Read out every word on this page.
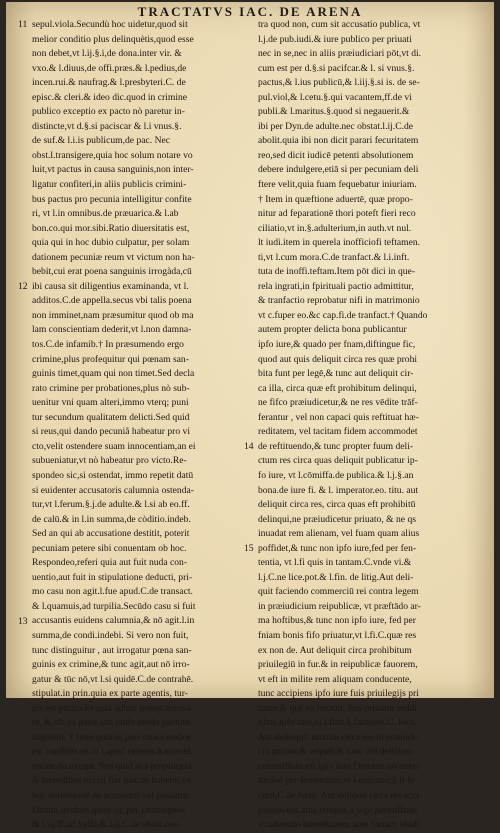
TRACTATVS IAC. DE ARENA
sepul.viola.Secundù hoc uidetur,quod sit
melior conditio plus delinquètis,quod esse
non debet,vt l.ij.§.i,de dona.inter vir. &
vxo.& l.diuus,de offi.præs.& l.pedius,de
incen.rui.& naufrag.& l.presbyteri.C. de
episc.& cleri.& ideo dic.quod in crimine
publico exceptio ex pacto nò paretur in-
distincte,vt d.§.si pacìscar & l.i vnus.§.
de suf.& l.i.is publicum,de pac. Nec
obst.l.transigere,quia hoc solum notare vo
luit,vt pactus in causa sanguinis,non inter-
ligatur confiteri,in aliis publicis crimini-
bus pactus pro pecunia intelligitur confite
ri, vt l.in omnibus.de præuarica.& l.ab
bon.co.qui mor.sibi.Ratio diuersitatis est,
quia qui in hoc dubio culpatur, per solam
dationem pecuniæ reum vt victum non ha-
bebit,cui erat poena sanguinis irrogàda,cū
ibi causa sit diligentius examinanda, vt l.
additos.C.de appella.secus vbi talis poena
non imminet,nam præsumitur quod ob ma
lam conscientiam dederit,vt l.non damna-
tos.C.de infamib.† In præsumendo ergo
crimine,plus profequitur qui pœnam san-
guinis timet,quam qui non timet.Sed decla
rato crimine per probationes,plus nò sub-
uenitur vni quam alteri,immo vterq; puni
tur secundum qualitatem delicti.Sed quid
si reus,qui dando pecuniã habeatur pro vi
cto,velit ostendere suam innocentiam,an ei
subueniatur,vt nò habeatur pro victo.Re-
spondeo sic,si ostendat, immo repetit datū
si euidenter accusatoris calumnia ostenda-
tur,vt l.ferum.§.j.de adulte.& l.si ab eo.ff.
de calū.& in l.in summa,de còditio.indeb.
Sed an qui ab accusatione destitit, poterit
pecuniam petere sibi conuentam ob hoc.
Respondeo,referi quia aut fuit nuda con-
uentio,aut fuit in stipulatione deducti, pri-
mo casu non agit.l.fue apud.C.de transact.
& l.quamuis,ad turpilia.Secūdo casu si fuit
accusantis euidens calumnia,& nō agit.l.in
summa,de condi.indebi. Si vero non fuit,
tunc distinguitur , aut irrogatur pœna san-
guinis ex crimine,& tunc agit,aut nō irro-
gatur & tūc nō,vt l.si quidē.C.de contrahē.
stipulat.in prin.quia ex parte agentis, tur-
pis est pactio.Et quia adhuc potest accusa-
re, & sic ex parte sua nullo modo pactum
impleuit, † Item quia in pari causa melior
est conditio rei,vt l.apud celsum.§.marcel.
tos.de do.except. Sed quid si a propinquis
& hæredibus occisi fiat pax,an habebit ex
hoc defensionē ne accusetur vel puniatur.
Dicunt quidam quod sic,per l.transigere,
& l.iij.ff.ad Sylla.& l.ij.C.de aboli.con-
11
12
13
tra quod non, cum sit accusatio publica, vt
l.j.de pub.iudi.& iure publico per priuati
nec in se,nec in aliis præiudiciari pōt,vt di.
cum est per d.§.si pacifcar.& l. si vnus.§.
pactus,& l.ius publicū,& l.iij.§.si is. de se-
pul.viol,& l.cetu.§.qui vacantem,ff.de vi
publi.& l.maritus.§.quod si negauerit.&
ibi per Dyn.de adulte.nec obstat.l.ij.C.de
abolit.quia ibi non dicit parari fecuritatem
reo,sed dicit iudicē petenti absolutionem
debere indulgere,etiā si per pecuniam deli
ftere velit,quia fuam fequebatur iniuriam.
† Item in quæftione aduertē, quæ propo-
nitur ad feparationē thori poteft fieri reco
ciliatio,vt in.§.adulterium,in auth.vt nul.
lt iudi.item in querela inofficiofi teftamen.
ti,vt l.cum mora.C.de tranfact.& l.i.inft.
tuta de inoffi.teftam.Item pōt dici in que-
rela ingrati,in fpirituali pactio admittitur,
& tranfactio reprobatur nifi in matrimonio
vt c.fuper eo.&c cap.fi.de tranfact.† Quando
autem propter delicta bona publicantur
ipfo iure,& quado per fnam,diftingue fic,
quod aut quis deliquit circa res quæ prohi
bita funt per legē,& tunc aut deliquit cir-
ca illa, circa quæ eft prohibitum delinqui,
ne fifco præiudicetur,& ne res vēdite trāf-
ferantur , vel non capaci quis reftituat hæ-
reditatem, vel tacitam fidem accommodet
de reftituendo,& tunc propter fuum deli-
ctum res circa quas deliquit publicatur ip-
fo iure, vt l.cōmiffa.de publica.& l.j.§.an
bona.de iure fi. & l. imperator.eo. titu. aut
deliquit circa res, circa quas eft prohibitū
delinqui,ne præiudicetur priuato, & ne qs
inuadat rem alienam, vel fuam quam alius
poffidet,& tunc non ipfo iure,fed per fen-
tentia, vt l.fi quis in tantam.C.vnde vi.&
l.j.C.ne lice.pot.& l.fin. de litig.Aut deli-
quit faciendo commerciū rei contra legem
in præiudicium reipublicæ, vt præftādo ar-
ma hoftibus,& tunc non ipfo iure, fed per
fniam bonis fifo priuatur,vt l.fi.C.quæ res
ex non de. Aut deliquit circa prohibitum
priuilegiū in fur.& in reipublicæ fauorem,
vt eft in milite rem aliquam conducente,
tunc accipiens ipfo iure fuis priuilegijs pri
uatur,& quē ea locauit, fuis priuatur reddi
tibus ipfo iure,vt l.fina.§.factoros.C. loca.
Aut delinquit mixtim circa res in præiudi-
ciū priuati,& reipub.& tunc vbi delictum
commiffum eft ipfo iure Domino nō aufer-
tur,fed per fententiam,vt l.quicunq;§.fi fe
cerit,C.de hære. Aut deliquit circa res acci
piendo eas ante tempus a lege permiffum,
vt adeundo hæreditatem ante factam vindi
14
15
